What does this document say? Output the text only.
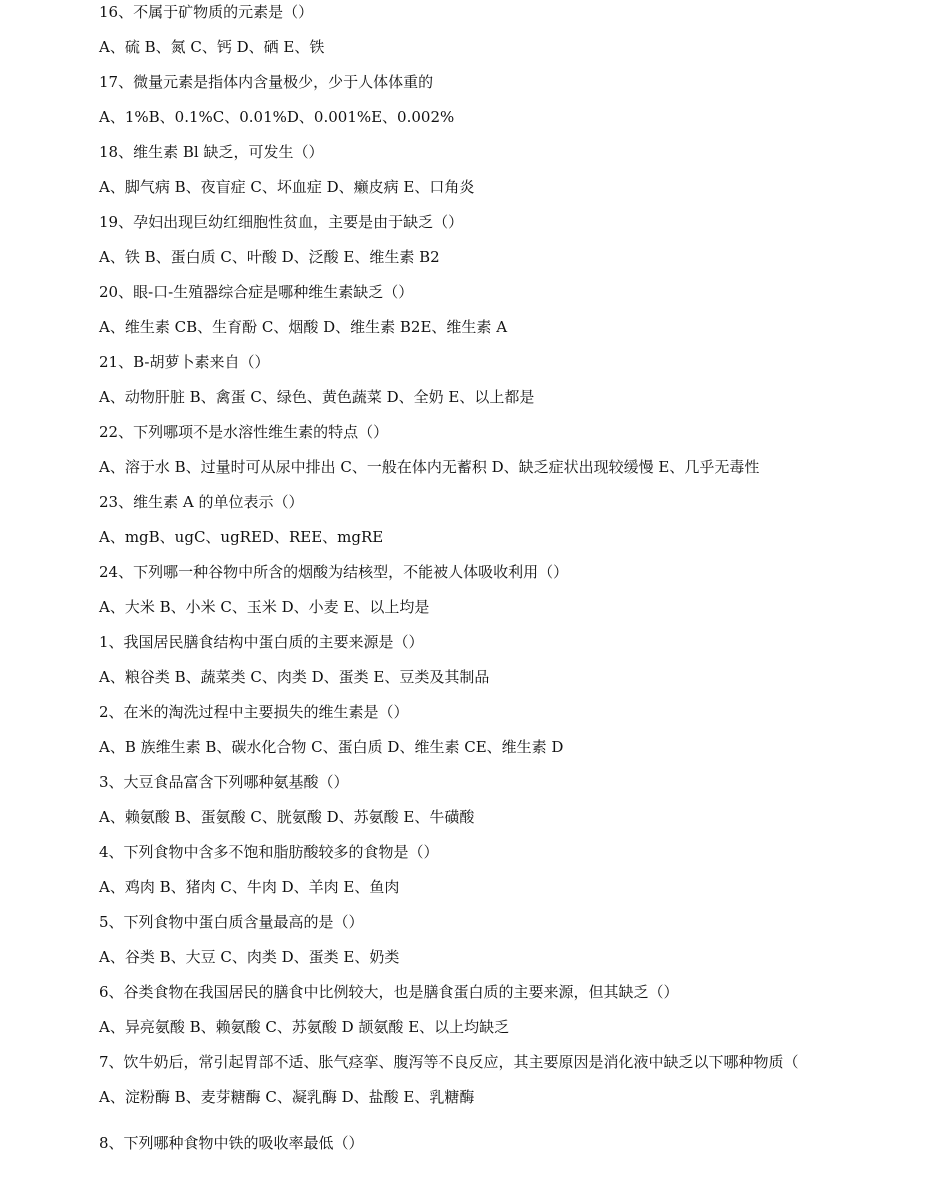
16、不属于矿物质的元素是（）
A、硫 B、氮 C、钙 D、硒 E、铁
17、微量元素是指体内含量极少，少于人体体重的
A、1%B、0.1%C、0.01%D、0.001%E、0.002%
18、维生素 Bl 缺乏，可发生（）
A、脚气病 B、夜盲症 C、坏血症 D、癞皮病 E、口角炎
19、孕妇出现巨幼红细胞性贫血，主要是由于缺乏（）
A、铁 B、蛋白质 C、叶酸 D、泛酸 E、维生素 B2
20、眼-口-生殖器综合症是哪种维生素缺乏（）
A、维生素 CB、生育酚 C、烟酸 D、维生素 B2E、维生素 A
21、B-胡萝卜素来自（）
A、动物肝脏 B、禽蛋 C、绿色、黄色蔬菜 D、全奶 E、以上都是
22、下列哪项不是水溶性维生素的特点（）
A、溶于水 B、过量时可从尿中排出 C、一般在体内无蓄积 D、缺乏症状出现较缓慢 E、几乎无毒性
23、维生素 A 的单位表示（）
A、mgB、ugC、ugRED、REE、mgRE
24、下列哪一种谷物中所含的烟酸为结核型，不能被人体吸收利用（）
A、大米 B、小米 C、玉米 D、小麦 E、以上均是
1、我国居民膳食结构中蛋白质的主要来源是（）
A、粮谷类 B、蔬菜类 C、肉类 D、蛋类 E、豆类及其制品
2、在米的淘洗过程中主要损失的维生素是（）
A、B 族维生素 B、碳水化合物 C、蛋白质 D、维生素 CE、维生素 D
3、大豆食品富含下列哪种氨基酸（）
A、赖氨酸 B、蛋氨酸 C、胱氨酸 D、苏氨酸 E、牛磺酸
4、下列食物中含多不饱和脂肪酸较多的食物是（）
A、鸡肉 B、猪肉 C、牛肉 D、羊肉 E、鱼肉
5、下列食物中蛋白质含量最高的是（）
A、谷类 B、大豆 C、肉类 D、蛋类 E、奶类
6、谷类食物在我国居民的膳食中比例较大，也是膳食蛋白质的主要来源，但其缺乏（）
A、异亮氨酸 B、赖氨酸 C、苏氨酸 D 颉氨酸 E、以上均缺乏
7、饮牛奶后，常引起胃部不适、胀气痉挛、腹泻等不良反应，其主要原因是消化液中缺乏以下哪种物质（
A、淀粉酶 B、麦芽糖酶 C、凝乳酶 D、盐酸 E、乳糖酶
8、下列哪种食物中铁的吸收率最低（）
